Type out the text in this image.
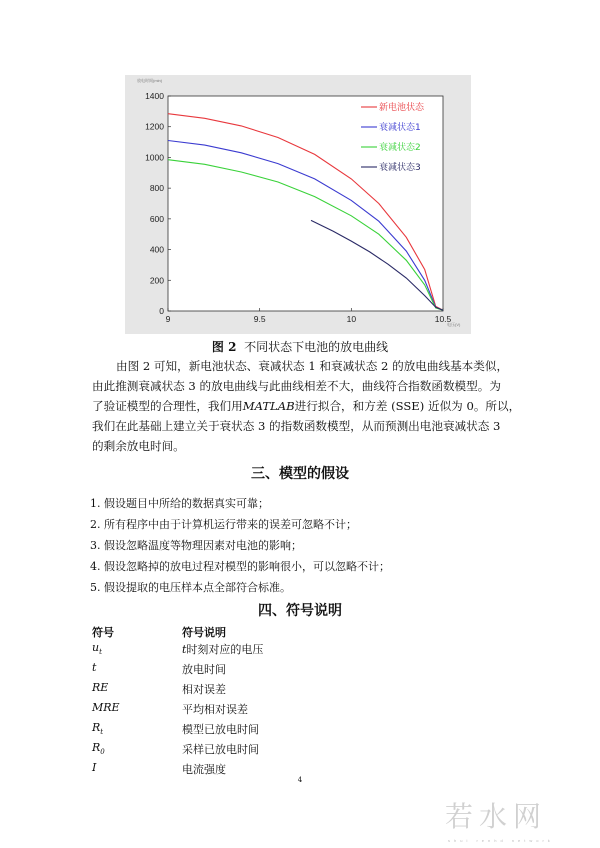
放电时间(min)
电压(V)
0
200
400
600
800
1000
1200
1400
9	9.5	10	10.5
新电池状态
衰减状态1
衰减状态2
衰减状态3
图 2 不同状态下电池的放电曲线
由图 2 可知，新电池状态、衰减状态 1 和衰减状态 2 的放电曲线基本类似，
由此推测衰减状态 3 的放电曲线与此曲线相差不大，曲线符合指数函数模型。为
了验证模型的合理性，我们用MATLAB进行拟合，和方差 (SSE) 近似为 0。所以，
我们在此基础上建立关于衰状态 3 的指数函数模型，从而预测出电池衰减状态 3
的剩余放电时间。
三、模型的假设
1. 假设题目中所给的数据真实可靠；
2. 所有程序中由于计算机运行带来的误差可忽略不计；
3. 假设忽略温度等物理因素对电池的影响；
4. 假设忽略掉的放电过程对模型的影响很小，可以忽略不计；
5. 假设提取的电压样本点全部符合标准。
四、符号说明
符号	符号说明
$u_t$	t时刻对应的电压
t	放电时间
RE	相对误差
MRE	平均相对误差
$R_t$	模型已放电时间
$R_0$	采样已放电时间
I	电流强度
4
若水网
shui renhd network
